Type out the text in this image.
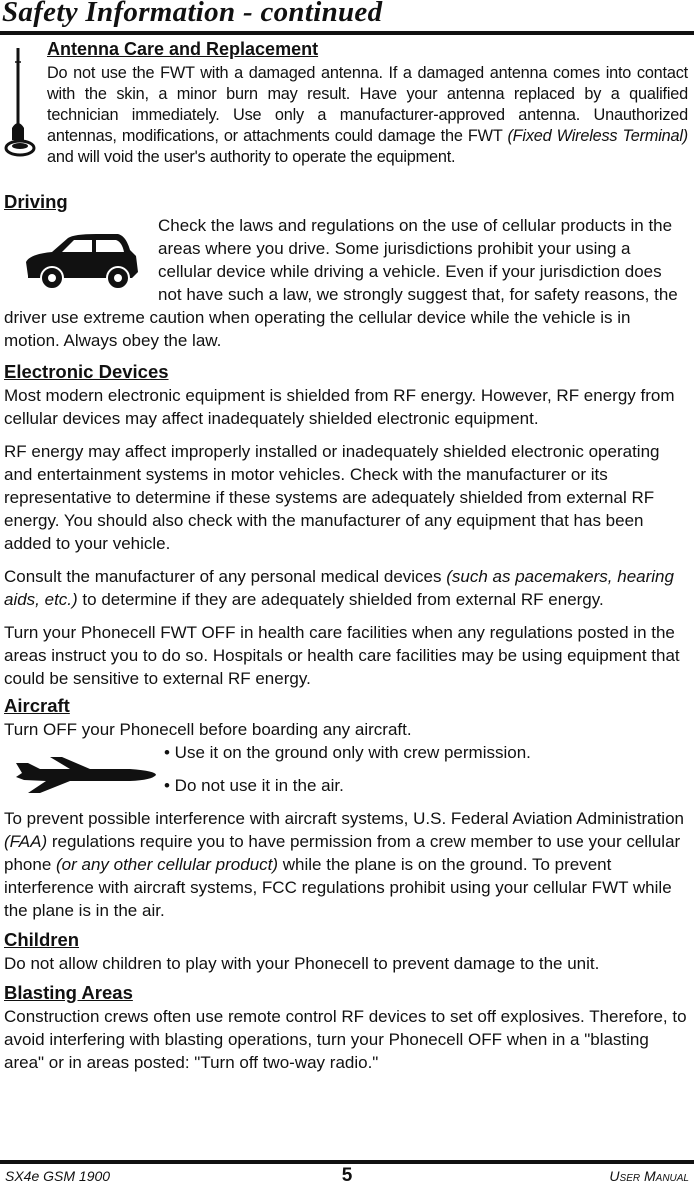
Safety Information - continued
Antenna Care and Replacement

Do not use the FWT with a damaged antenna. If a damaged antenna comes into contact with the skin, a minor burn may result. Have your antenna replaced by a qualified technician immediately. Use only a manufacturer-approved antenna. Unauthorized antennas, modifications, or attachments could damage the FWT (Fixed Wireless Terminal) and will void the user's authority to operate the equipment.

Driving

Check the laws and regulations on the use of cellular products in the areas where you drive. Some jurisdictions prohibit your using a cellular device while driving a vehicle. Even if your jurisdiction does not have such a law, we strongly suggest that, for safety reasons, the driver use extreme caution when operating the cellular device while the vehicle is in motion. Always obey the law.

Electronic Devices

Most modern electronic equipment is shielded from RF energy. However, RF energy from cellular devices may affect inadequately shielded electronic equipment.

RF energy may affect improperly installed or inadequately shielded electronic operating and entertainment systems in motor vehicles. Check with the manufacturer or its representative to determine if these systems are adequately shielded from external RF energy. You should also check with the manufacturer of any equipment that has been added to your vehicle.

Consult the manufacturer of any personal medical devices (such as pacemakers, hearing aids, etc.) to determine if they are adequately shielded from external RF energy.

Turn your Phonecell FWT OFF in health care facilities when any regulations posted in the areas instruct you to do so. Hospitals or health care facilities may be using equipment that could be sensitive to external RF energy.

Aircraft

Turn OFF your Phonecell before boarding any aircraft.

• Use it on the ground only with crew permission.

• Do not use it in the air.

To prevent possible interference with aircraft systems, U.S. Federal Aviation Administration (FAA) regulations require you to have permission from a crew member to use your cellular phone (or any other cellular product) while the plane is on the ground. To prevent interference with aircraft systems, FCC regulations prohibit using your cellular FWT while the plane is in the air.

Children

Do not allow children to play with your Phonecell to prevent damage to the unit.

Blasting Areas

Construction crews often use remote control RF devices to set off explosives. Therefore, to avoid interfering with blasting operations, turn your Phonecell OFF when in a "blasting area" or in areas posted: "Turn off two-way radio."

SX4e GSM 1900	5	User Manual
